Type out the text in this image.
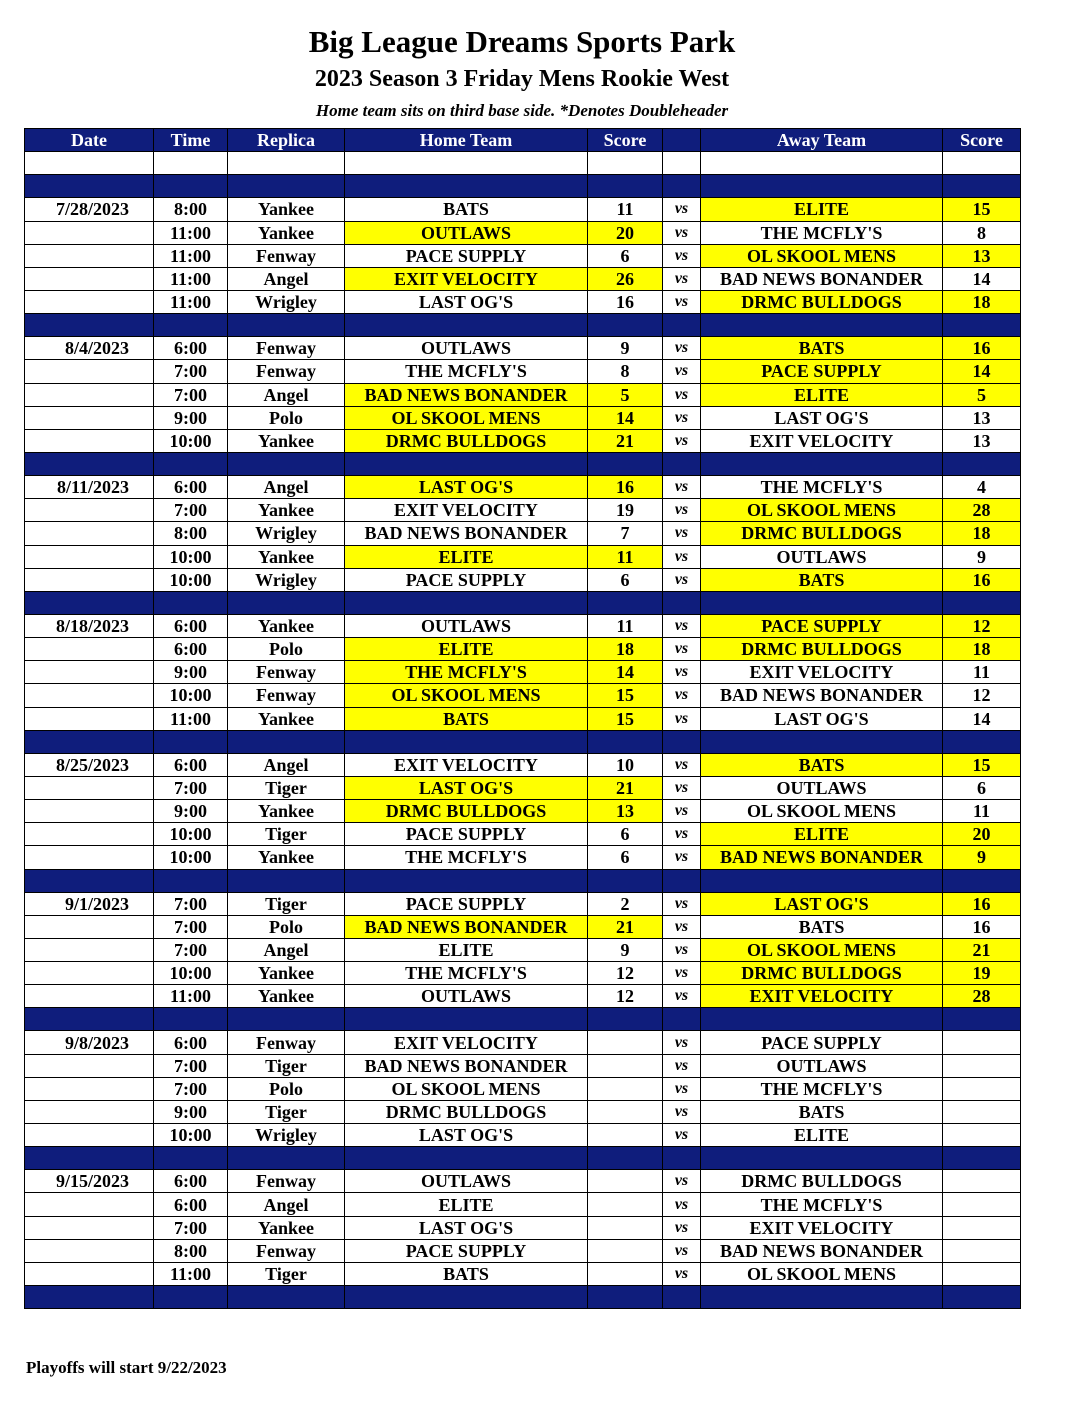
Big League Dreams Sports Park
2023 Season 3 Friday Mens Rookie West
Home team sits on third base side. *Denotes Doubleheader
Date	Time	Replica	Home Team	Score		Away Team	Score

7/28/2023	8:00	Yankee	BATS	11	vs	ELITE	15
	11:00	Yankee	OUTLAWS	20	vs	THE MCFLY'S	8
	11:00	Fenway	PACE SUPPLY	6	vs	OL SKOOL MENS	13
	11:00	Angel	EXIT VELOCITY	26	vs	BAD NEWS BONANDER	14
	11:00	Wrigley	LAST OG'S	16	vs	DRMC BULLDOGS	18

8/4/2023	6:00	Fenway	OUTLAWS	9	vs	BATS	16
	7:00	Fenway	THE MCFLY'S	8	vs	PACE SUPPLY	14
	7:00	Angel	BAD NEWS BONANDER	5	vs	ELITE	5
	9:00	Polo	OL SKOOL MENS	14	vs	LAST OG'S	13
	10:00	Yankee	DRMC BULLDOGS	21	vs	EXIT VELOCITY	13

8/11/2023	6:00	Angel	LAST OG'S	16	vs	THE MCFLY'S	4
	7:00	Yankee	EXIT VELOCITY	19	vs	OL SKOOL MENS	28
	8:00	Wrigley	BAD NEWS BONANDER	7	vs	DRMC BULLDOGS	18
	10:00	Yankee	ELITE	11	vs	OUTLAWS	9
	10:00	Wrigley	PACE SUPPLY	6	vs	BATS	16

8/18/2023	6:00	Yankee	OUTLAWS	11	vs	PACE SUPPLY	12
	6:00	Polo	ELITE	18	vs	DRMC BULLDOGS	18
	9:00	Fenway	THE MCFLY'S	14	vs	EXIT VELOCITY	11
	10:00	Fenway	OL SKOOL MENS	15	vs	BAD NEWS BONANDER	12
	11:00	Yankee	BATS	15	vs	LAST OG'S	14

8/25/2023	6:00	Angel	EXIT VELOCITY	10	vs	BATS	15
	7:00	Tiger	LAST OG'S	21	vs	OUTLAWS	6
	9:00	Yankee	DRMC BULLDOGS	13	vs	OL SKOOL MENS	11
	10:00	Tiger	PACE SUPPLY	6	vs	ELITE	20
	10:00	Yankee	THE MCFLY'S	6	vs	BAD NEWS BONANDER	9

9/1/2023	7:00	Tiger	PACE SUPPLY	2	vs	LAST OG'S	16
	7:00	Polo	BAD NEWS BONANDER	21	vs	BATS	16
	7:00	Angel	ELITE	9	vs	OL SKOOL MENS	21
	10:00	Yankee	THE MCFLY'S	12	vs	DRMC BULLDOGS	19
	11:00	Yankee	OUTLAWS	12	vs	EXIT VELOCITY	28

9/8/2023	6:00	Fenway	EXIT VELOCITY		vs	PACE SUPPLY	
	7:00	Tiger	BAD NEWS BONANDER		vs	OUTLAWS	
	7:00	Polo	OL SKOOL MENS		vs	THE MCFLY'S	
	9:00	Tiger	DRMC BULLDOGS		vs	BATS	
	10:00	Wrigley	LAST OG'S		vs	ELITE	

9/15/2023	6:00	Fenway	OUTLAWS		vs	DRMC BULLDOGS	
	6:00	Angel	ELITE		vs	THE MCFLY'S	
	7:00	Yankee	LAST OG'S		vs	EXIT VELOCITY	
	8:00	Fenway	PACE SUPPLY		vs	BAD NEWS BONANDER	
	11:00	Tiger	BATS		vs	OL SKOOL MENS	

Playoffs will start 9/22/2023
